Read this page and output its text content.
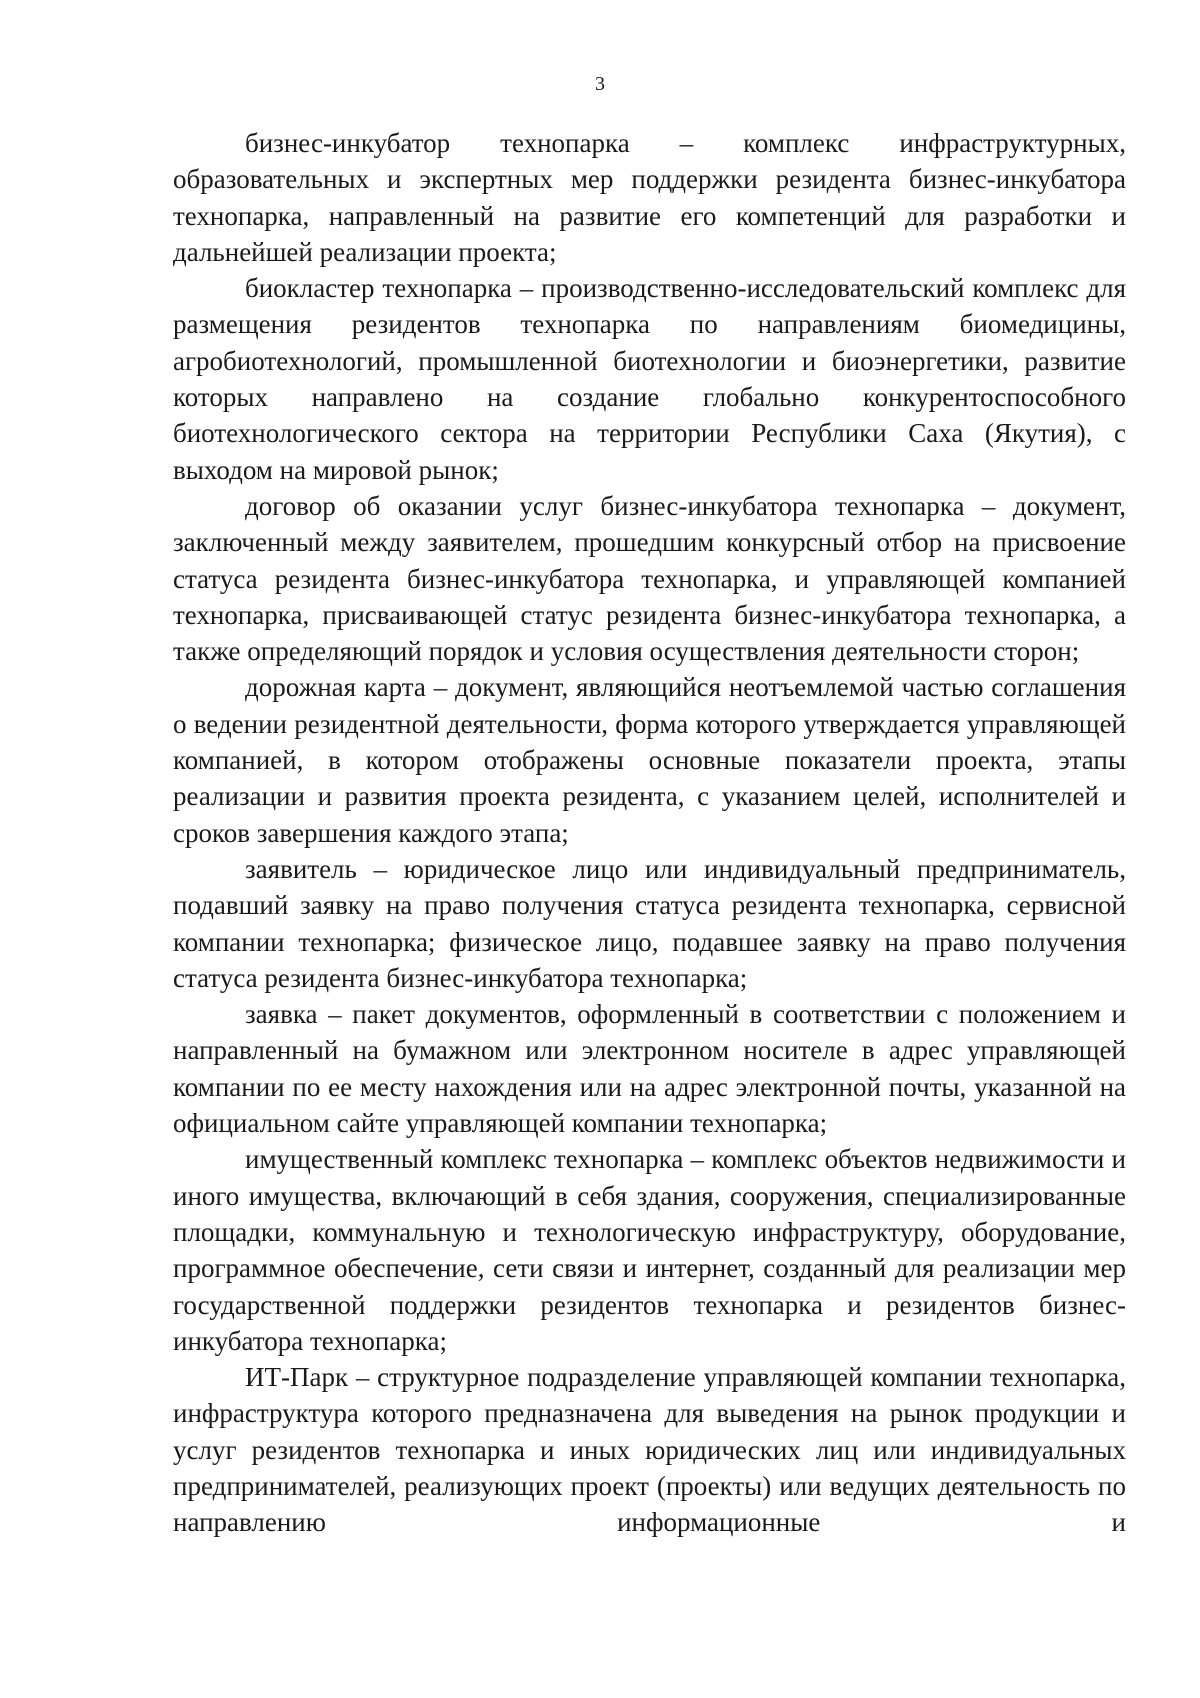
3

бизнес-инкубатор технопарка – комплекс инфраструктурных, образовательных и экспертных мер поддержки резидента бизнес-инкубатора технопарка, направленный на развитие его компетенций для разработки и дальнейшей реализации проекта;

биокластер технопарка – производственно-исследовательский комплекс для размещения резидентов технопарка по направлениям биомедицины, агробиотехнологий, промышленной биотехнологии и биоэнергетики, развитие которых направлено на создание глобально конкурентоспособного биотехнологического сектора на территории Республики Саха (Якутия), с выходом на мировой рынок;

договор об оказании услуг бизнес-инкубатора технопарка – документ, заключенный между заявителем, прошедшим конкурсный отбор на присвоение статуса резидента бизнес-инкубатора технопарка, и управляющей компанией технопарка, присваивающей статус резидента бизнес-инкубатора технопарка, а также определяющий порядок и условия осуществления деятельности сторон;

дорожная карта – документ, являющийся неотъемлемой частью соглашения о ведении резидентной деятельности, форма которого утверждается управляющей компанией, в котором отображены основные показатели проекта, этапы реализации и развития проекта резидента, с указанием целей, исполнителей и сроков завершения каждого этапа;

заявитель – юридическое лицо или индивидуальный предприниматель, подавший заявку на право получения статуса резидента технопарка, сервисной компании технопарка; физическое лицо, подавшее заявку на право получения статуса резидента бизнес-инкубатора технопарка;

заявка – пакет документов, оформленный в соответствии с положением и направленный на бумажном или электронном носителе в адрес управляющей компании по ее месту нахождения или на адрес электронной почты, указанной на официальном сайте управляющей компании технопарка;

имущественный комплекс технопарка – комплекс объектов недвижимости и иного имущества, включающий в себя здания, сооружения, специализированные площадки, коммунальную и технологическую инфраструктуру, оборудование, программное обеспечение, сети связи и интернет, созданный для реализации мер государственной поддержки резидентов технопарка и резидентов бизнес-инкубатора технопарка;

ИТ-Парк – структурное подразделение управляющей компании технопарка, инфраструктура которого предназначена для выведения на рынок продукции и услуг резидентов технопарка и иных юридических лиц или индивидуальных предпринимателей, реализующих проект (проекты) или ведущих деятельность по направлению информационные и
